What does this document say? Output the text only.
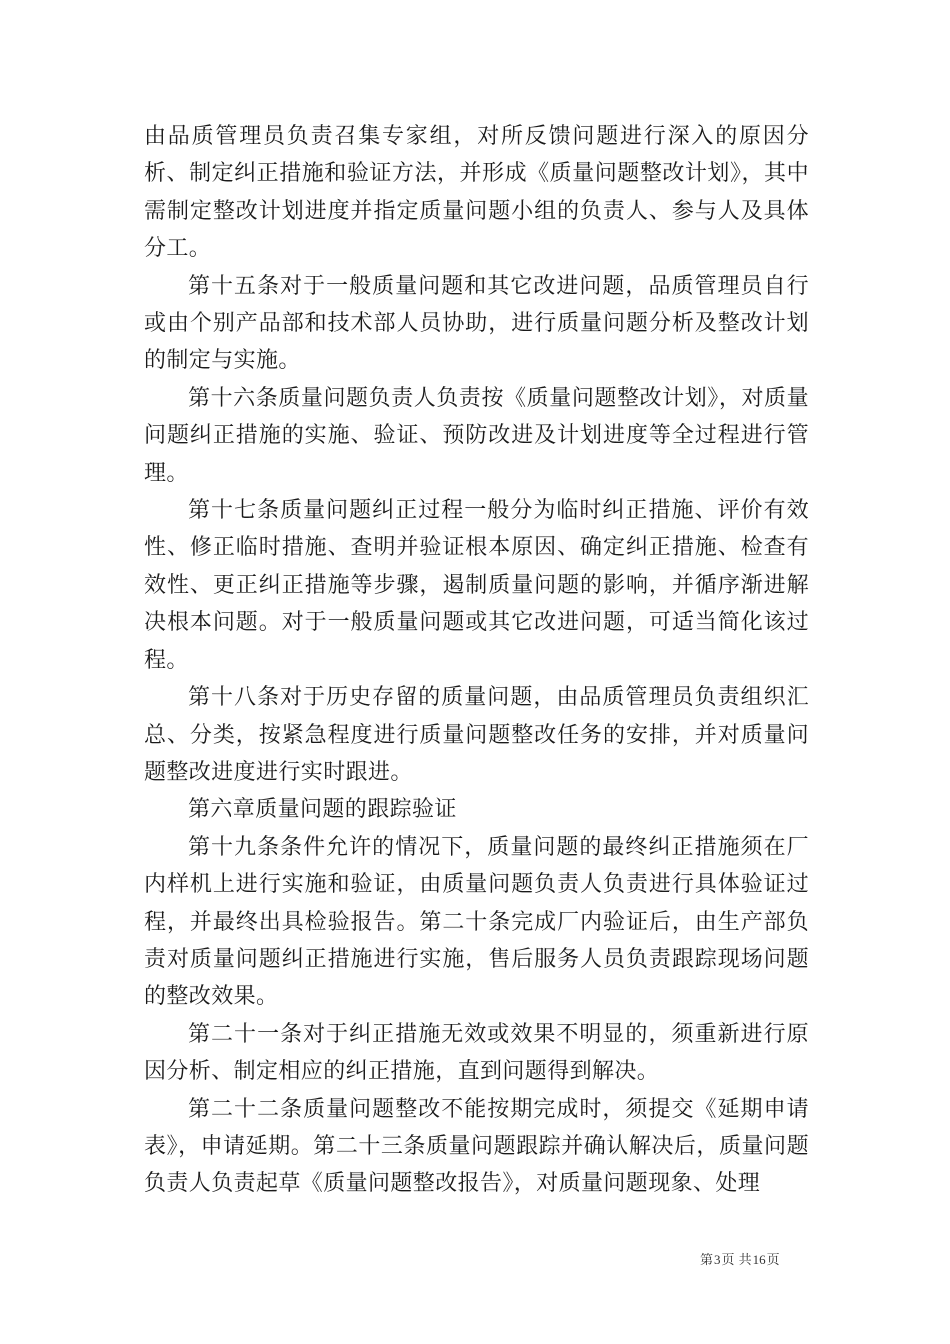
由品质管理员负责召集专家组，对所反馈问题进行深入的原因分析、制定纠正措施和验证方法，并形成《质量问题整改计划》，其中需制定整改计划进度并指定质量问题小组的负责人、参与人及具体分工。

第十五条对于一般质量问题和其它改进问题，品质管理员自行或由个别产品部和技术部人员协助，进行质量问题分析及整改计划的制定与实施。

第十六条质量问题负责人负责按《质量问题整改计划》，对质量问题纠正措施的实施、验证、预防改进及计划进度等全过程进行管理。

第十七条质量问题纠正过程一般分为临时纠正措施、评价有效性、修正临时措施、查明并验证根本原因、确定纠正措施、检查有效性、更正纠正措施等步骤，遏制质量问题的影响，并循序渐进解决根本问题。对于一般质量问题或其它改进问题，可适当简化该过程。

第十八条对于历史存留的质量问题，由品质管理员负责组织汇总、分类，按紧急程度进行质量问题整改任务的安排，并对质量问题整改进度进行实时跟进。

第六章质量问题的跟踪验证

第十九条条件允许的情况下，质量问题的最终纠正措施须在厂内样机上进行实施和验证，由质量问题负责人负责进行具体验证过程，并最终出具检验报告。第二十条完成厂内验证后，由生产部负责对质量问题纠正措施进行实施，售后服务人员负责跟踪现场问题的整改效果。

第二十一条对于纠正措施无效或效果不明显的，须重新进行原因分析、制定相应的纠正措施，直到问题得到解决。

第二十二条质量问题整改不能按期完成时，须提交《延期申请表》，申请延期。第二十三条质量问题跟踪并确认解决后，质量问题负责人负责起草《质量问题整改报告》，对质量问题现象、处理

第3页 共16页
